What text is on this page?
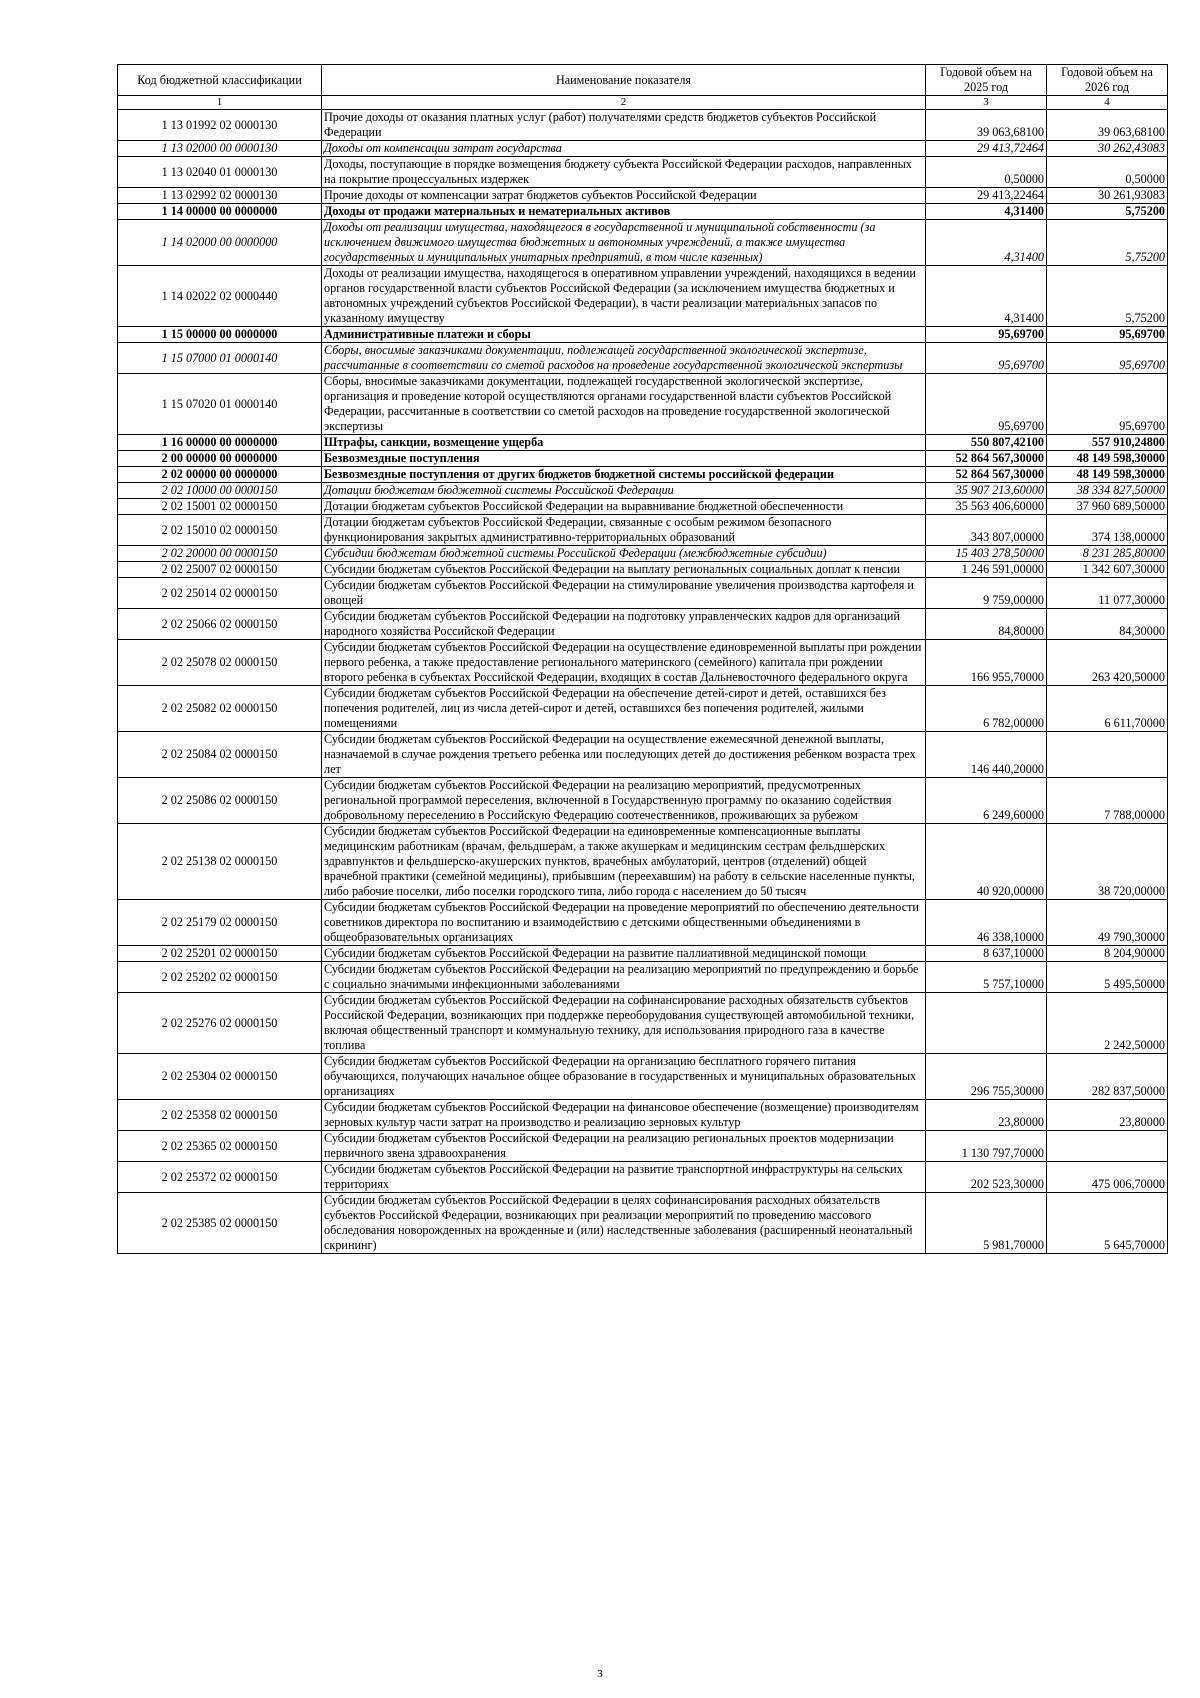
Код бюджетной классификации	Наименование показателя	Годовой объем на 2025 год	Годовой объем на 2026 год
1	2	3	4
1 13 01992 02 0000130	Прочие доходы от оказания платных услуг (работ) получателями средств бюджетов субъектов Российской Федерации	39 063,68100	39 063,68100
1 13 02000 00 0000130	Доходы от компенсации затрат государства	29 413,72464	30 262,43083
1 13 02040 01 0000130	Доходы, поступающие в порядке возмещения бюджету субъекта Российской Федерации расходов, направленных на покрытие процессуальных издержек	0,50000	0,50000
1 13 02992 02 0000130	Прочие доходы от компенсации затрат бюджетов субъектов Российской Федерации	29 413,22464	30 261,93083
1 14 00000 00 0000000	Доходы от продажи материальных и нематериальных активов	4,31400	5,75200
1 14 02000 00 0000000	Доходы от реализации имущества, находящегося в государственной и муниципальной собственности (за исключением движимого имущества бюджетных и автономных учреждений, а также имущества государственных и муниципальных унитарных предприятий, в том числе казенных)	4,31400	5,75200
1 14 02022 02 0000440	Доходы от реализации имущества, находящегося в оперативном управлении учреждений, находящихся в ведении органов государственной власти субъектов Российской Федерации (за исключением имущества бюджетных и автономных учреждений субъектов Российской Федерации), в части реализации материальных запасов по указанному имуществу	4,31400	5,75200
1 15 00000 00 0000000	Административные платежи и сборы	95,69700	95,69700
1 15 07000 01 0000140	Сборы, вносимые заказчиками документации, подлежащей государственной экологической экспертизе, рассчитанные в соответствии со сметой расходов на проведение государственной экологической экспертизы	95,69700	95,69700
1 15 07020 01 0000140	Сборы, вносимые заказчиками документации, подлежащей государственной экологической экспертизе, организация и проведение которой осуществляются органами государственной власти субъектов Российской Федерации, рассчитанные в соответствии со сметой расходов на проведение государственной экологической экспертизы	95,69700	95,69700
1 16 00000 00 0000000	Штрафы, санкции, возмещение ущерба	550 807,42100	557 910,24800
2 00 00000 00 0000000	Безвозмездные поступления	52 864 567,30000	48 149 598,30000
2 02 00000 00 0000000	Безвозмездные поступления от других бюджетов бюджетной системы российской федерации	52 864 567,30000	48 149 598,30000
2 02 10000 00 0000150	Дотации бюджетам бюджетной системы Российской Федерации	35 907 213,60000	38 334 827,50000
2 02 15001 02 0000150	Дотации бюджетам субъектов Российской Федерации на выравнивание бюджетной обеспеченности	35 563 406,60000	37 960 689,50000
2 02 15010 02 0000150	Дотации бюджетам субъектов Российской Федерации, связанные с особым режимом безопасного функционирования закрытых административно-территориальных образований	343 807,00000	374 138,00000
2 02 20000 00 0000150	Субсидии бюджетам бюджетной системы Российской Федерации (межбюджетные субсидии)	15 403 278,50000	8 231 285,80000
2 02 25007 02 0000150	Субсидии бюджетам субъектов Российской Федерации на выплату региональных социальных доплат к пенсии	1 246 591,00000	1 342 607,30000
2 02 25014 02 0000150	Субсидии бюджетам субъектов Российской Федерации на стимулирование увеличения производства картофеля и овощей	9 759,00000	11 077,30000
2 02 25066 02 0000150	Субсидии бюджетам субъектов Российской Федерации на подготовку управленческих кадров для организаций народного хозяйства Российской Федерации	84,80000	84,30000
2 02 25078 02 0000150	Субсидии бюджетам субъектов Российской Федерации на осуществление единовременной выплаты при рождении первого ребенка, а также предоставление регионального материнского (семейного) капитала при рождении второго ребенка в субъектах Российской Федерации, входящих в состав Дальневосточного федерального округа	166 955,70000	263 420,50000
2 02 25082 02 0000150	Субсидии бюджетам субъектов Российской Федерации на обеспечение детей-сирот и детей, оставшихся без попечения родителей, лиц из числа детей-сирот и детей, оставшихся без попечения родителей, жилыми помещениями	6 782,00000	6 611,70000
2 02 25084 02 0000150	Субсидии бюджетам субъектов Российской Федерации на осуществление ежемесячной денежной выплаты, назначаемой в случае рождения третьего ребенка или последующих детей до достижения ребенком возраста трех лет	146 440,20000	
2 02 25086 02 0000150	Субсидии бюджетам субъектов Российской Федерации на реализацию мероприятий, предусмотренных региональной программой переселения, включенной в Государственную программу по оказанию содействия добровольному переселению в Российскую Федерацию соотечественников, проживающих за рубежом	6 249,60000	7 788,00000
2 02 25138 02 0000150	Субсидии бюджетам субъектов Российской Федерации на единовременные компенсационные выплаты медицинским работникам (врачам, фельдшерам, а также акушеркам и медицинским сестрам фельдшерских здравпунктов и фельдшерско-акушерских пунктов, врачебных амбулаторий, центров (отделений) общей врачебной практики (семейной медицины), прибывшим (переехавшим) на работу в сельские населенные пункты, либо рабочие поселки, либо поселки городского типа, либо города с населением до 50 тысяч	40 920,00000	38 720,00000
2 02 25179 02 0000150	Субсидии бюджетам субъектов Российской Федерации на проведение мероприятий по обеспечению деятельности советников директора по воспитанию и взаимодействию с детскими общественными объединениями в общеобразовательных организациях	46 338,10000	49 790,30000
2 02 25201 02 0000150	Субсидии бюджетам субъектов Российской Федерации на развитие паллиативной медицинской помощи	8 637,10000	8 204,90000
2 02 25202 02 0000150	Субсидии бюджетам субъектов Российской Федерации на реализацию мероприятий по предупреждению и борьбе с социально значимыми инфекционными заболеваниями	5 757,10000	5 495,50000
2 02 25276 02 0000150	Субсидии бюджетам субъектов Российской Федерации на софинансирование расходных обязательств субъектов Российской Федерации, возникающих при поддержке переоборудования существующей автомобильной техники, включая общественный транспорт и коммунальную технику, для использования природного газа в качестве топлива		2 242,50000
2 02 25304 02 0000150	Субсидии бюджетам субъектов Российской Федерации на организацию бесплатного горячего питания обучающихся, получающих начальное общее образование в государственных и муниципальных образовательных организациях	296 755,30000	282 837,50000
2 02 25358 02 0000150	Субсидии бюджетам субъектов Российской Федерации на финансовое обеспечение (возмещение) производителям зерновых культур части затрат на производство и реализацию зерновых культур	23,80000	23,80000
2 02 25365 02 0000150	Субсидии бюджетам субъектов Российской Федерации на реализацию региональных проектов модернизации первичного звена здравоохранения	1 130 797,70000	
2 02 25372 02 0000150	Субсидии бюджетам субъектов Российской Федерации на развитие транспортной инфраструктуры на сельских территориях	202 523,30000	475 006,70000
2 02 25385 02 0000150	Субсидии бюджетам субъектов Российской Федерации в целях софинансирования расходных обязательств субъектов Российской Федерации, возникающих при реализации мероприятий по проведению массового обследования новорожденных на врожденные и (или) наследственные заболевания (расширенный неонатальный скрининг)	5 981,70000	5 645,70000
3
